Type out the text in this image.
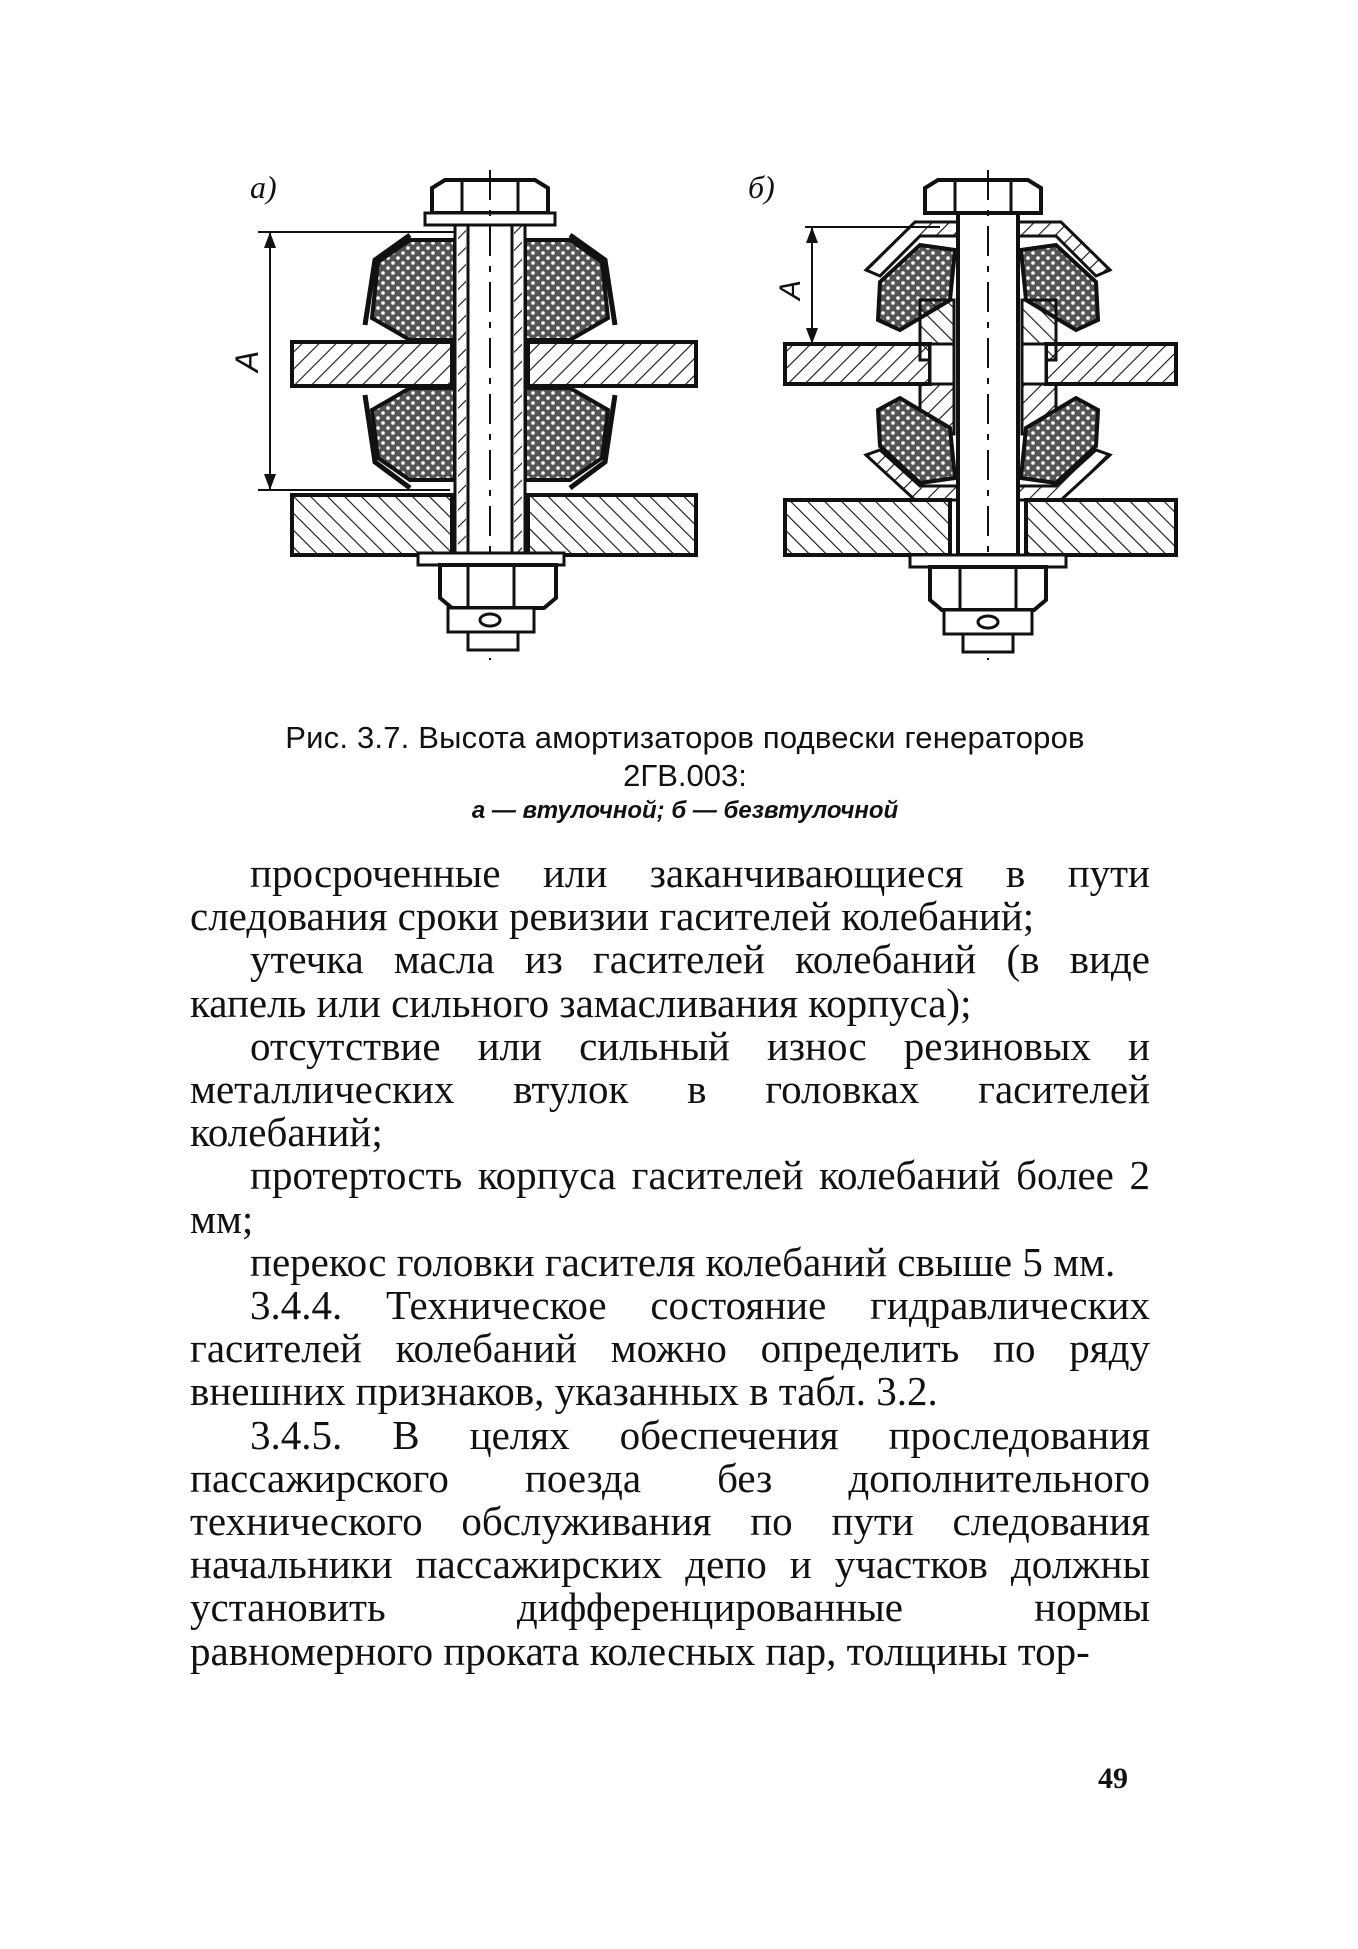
а)
А
б)
А
Рис. 3.7. Высота амортизаторов подвески генераторов
2ГВ.003:
а — втулочной; б — безвтулочной

просроченные или заканчивающиеся в пути следования сроки ревизии гасителей колебаний;

утечка масла из гасителей колебаний (в виде капель или сильного замасливания корпуса);

отсутствие или сильный износ резиновых и металлических втулок в головках гасителей колебаний;

протертость корпуса гасителей колебаний более 2 мм;

перекос головки гасителя колебаний свыше 5 мм.

3.4.4. Техническое состояние гидравлических гасителей колебаний можно определить по ряду внешних признаков, указанных в табл. 3.2.

3.4.5. В целях обеспечения проследования пассажирского поезда без дополнительного технического обслуживания по пути следования начальники пассажирских депо и участков должны установить дифференцированные нормы равномерного проката колесных пар, толщины тор-

49
